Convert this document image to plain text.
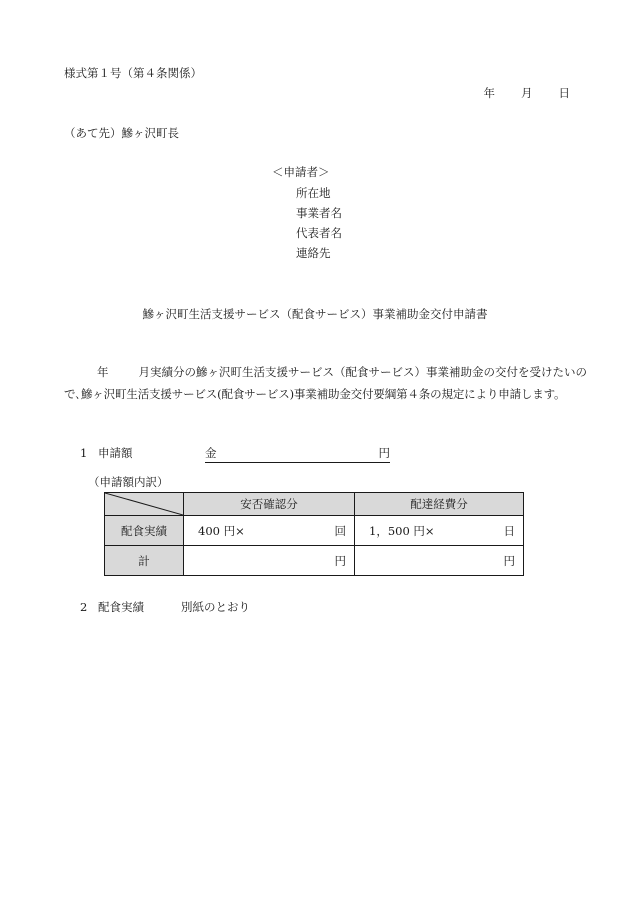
様式第１号（第４条関係）
年 月 日
（あて先）鰺ヶ沢町長
＜申請者＞
所在地
事業者名
代表者名
連絡先
鰺ヶ沢町生活支援サービス（配食サービス）事業補助金交付申請書
年	月実績分の鰺ヶ沢町生活支援サービス（配食サービス）事業補助金の交付を受けたいの
で､鰺ヶ沢町生活支援サービス(配食サービス)事業補助金交付要綱第４条の規定により申請します。
1 申請額	金	円
（申請額内訳）
	安否確認分	配達経費分
配食実績	400 円× 回	1，500 円× 日

計	円	円
2 配食実績	別紙のとおり
